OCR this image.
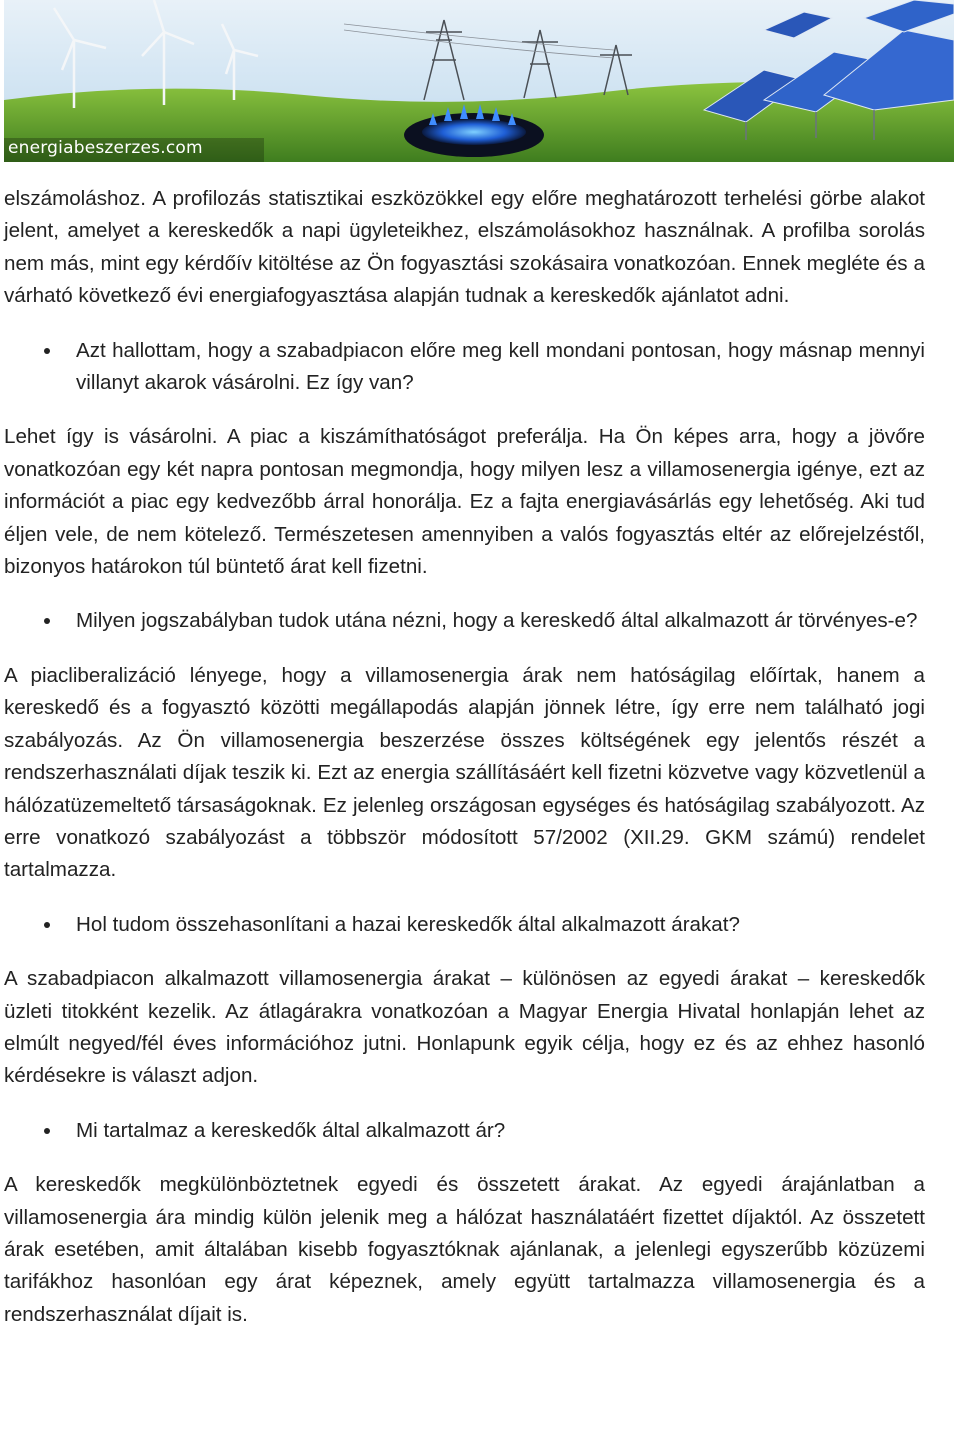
energiabeszerzes.com

elszámoláshoz. A profilozás statisztikai eszközökkel egy előre meghatározott terhelési görbe alakot jelent, amelyet a kereskedők a napi ügyleteikhez, elszámolásokhoz használnak. A profilba sorolás nem más, mint egy kérdőív kitöltése az Ön fogyasztási szokásaira vonatkozóan. Ennek megléte és a várható következő évi energiafogyasztása alapján tudnak a kereskedők ajánlatot adni.

Azt hallottam, hogy a szabadpiacon előre meg kell mondani pontosan, hogy másnap mennyi villanyt akarok vásárolni. Ez így van?

Lehet így is vásárolni. A piac a kiszámíthatóságot preferálja. Ha Ön képes arra, hogy a jövőre vonatkozóan egy két napra pontosan megmondja, hogy milyen lesz a villamosenergia igénye, ezt az információt a piac egy kedvezőbb árral honorálja. Ez a fajta energiavásárlás egy lehetőség. Aki tud éljen vele, de nem kötelező. Természetesen amennyiben a valós fogyasztás eltér az előrejelzéstől, bizonyos határokon túl büntető árat kell fizetni.

Milyen jogszabályban tudok utána nézni, hogy a kereskedő által alkalmazott ár törvényes-e?

A piacliberalizáció lényege, hogy a villamosenergia árak nem hatóságilag előírtak, hanem a kereskedő és a fogyasztó közötti megállapodás alapján jönnek létre, így erre nem található jogi szabályozás. Az Ön villamosenergia beszerzése összes költségének egy jelentős részét a rendszerhasználati díjak teszik ki. Ezt az energia szállításáért kell fizetni közvetve vagy közvetlenül a hálózatüzemeltető társaságoknak. Ez jelenleg országosan egységes és hatóságilag szabályozott. Az erre vonatkozó szabályozást a többször módosított 57/2002 (XII.29. GKM számú) rendelet tartalmazza.

Hol tudom összehasonlítani a hazai kereskedők által alkalmazott árakat?

A szabadpiacon alkalmazott villamosenergia árakat – különösen az egyedi árakat – kereskedők üzleti titokként kezelik. Az átlagárakra vonatkozóan a Magyar Energia Hivatal honlapján lehet az elmúlt negyed/fél éves információhoz jutni. Honlapunk egyik célja, hogy ez és az ehhez hasonló kérdésekre is választ adjon.

Mi tartalmaz a kereskedők által alkalmazott ár?

A kereskedők megkülönböztetnek egyedi és összetett árakat. Az egyedi árajánlatban a villamosenergia ára mindig külön jelenik meg a hálózat használatáért fizettet díjaktól. Az összetett árak esetében, amit általában kisebb fogyasztóknak ajánlanak, a jelenlegi egyszerűbb közüzemi tarifákhoz hasonlóan egy árat képeznek, amely együtt tartalmazza villamosenergia és a rendszerhasználat díjait is.
